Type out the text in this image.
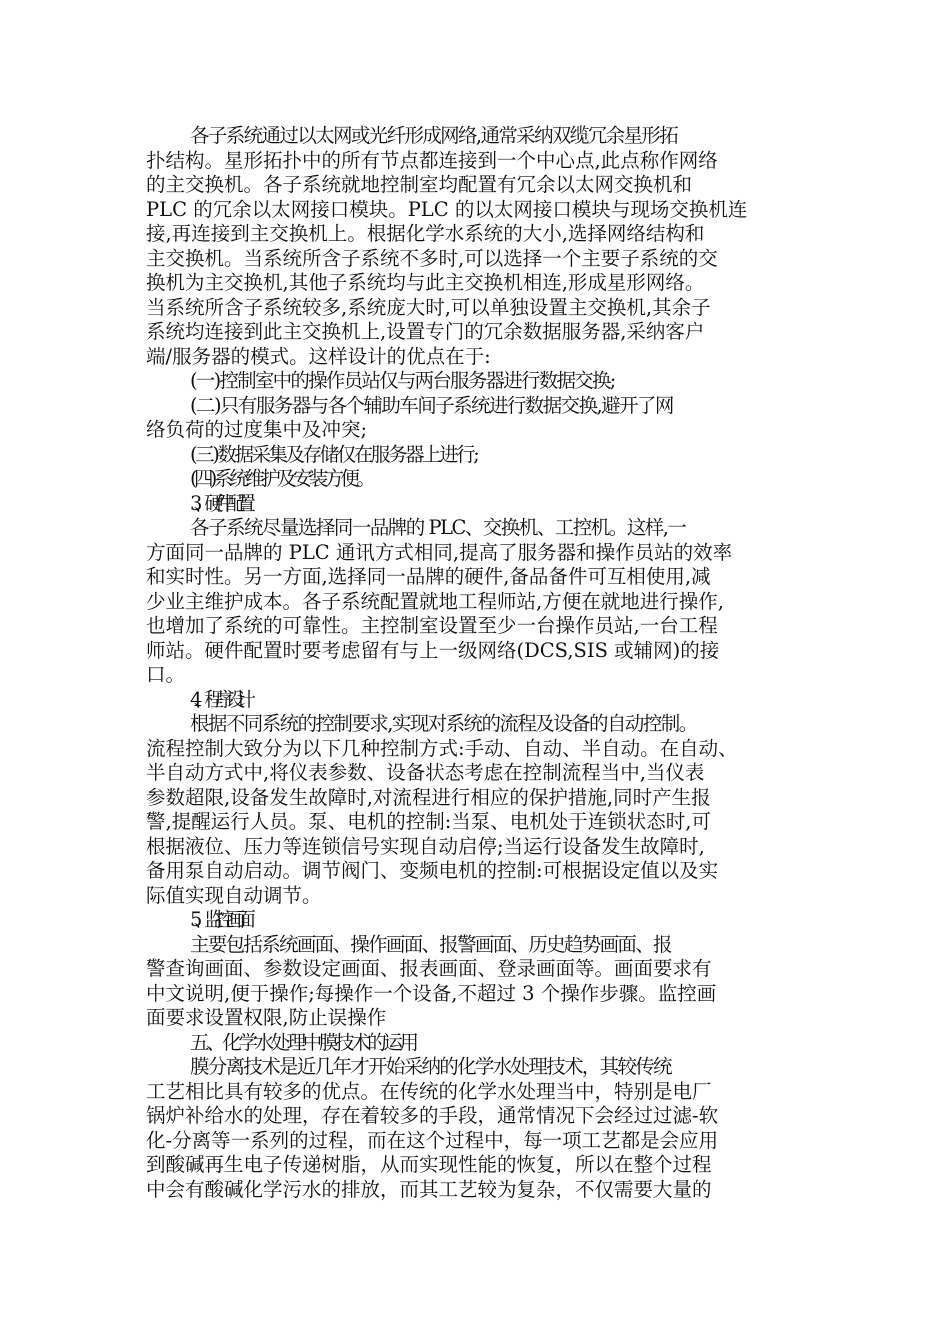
各子系统通过以太网或光纤形成网络,通常采纳双缆冗余星形拓
扑结构。星形拓扑中的所有节点都连接到一个中心点,此点称作网络
的主交换机。各子系统就地控制室均配置有冗余以太网交换机和
PLC 的冗余以太网接口模块。PLC 的以太网接口模块与现场交换机连
接,再连接到主交换机上。根据化学水系统的大小,选择网络结构和
主交换机。当系统所含子系统不多时,可以选择一个主要子系统的交
换机为主交换机,其他子系统均与此主交换机相连,形成星形网络。
当系统所含子系统较多,系统庞大时,可以单独设置主交换机,其余子
系统均连接到此主交换机上,设置专门的冗余数据服务器,采纳客户
端/服务器的模式。这样设计的优点在于:
(一)控制室中的操作员站仅与两台服务器进行数据交换;
(二)只有服务器与各个辅助车间子系统进行数据交换,避开了网
络负荷的过度集中及冲突;
(三)数据采集及存储仅在服务器上进行;
(四)系统维护及安装方便。
3、硬件配置
各子系统尽量选择同一品牌的 PLC、交换机、工控机。这样,一
方面同一品牌的 PLC 通讯方式相同,提高了服务器和操作员站的效率
和实时性。另一方面,选择同一品牌的硬件,备品备件可互相使用,减
少业主维护成本。各子系统配置就地工程师站,方便在就地进行操作,
也增加了系统的可靠性。主控制室设置至少一台操作员站,一台工程
师站。硬件配置时要考虑留有与上一级网络(DCS,SIS 或辅网)的接
口。
4、程序设计
根据不同系统的控制要求,实现对系统的流程及设备的自动控制。
流程控制大致分为以下几种控制方式:手动、自动、半自动。在自动、
半自动方式中,将仪表参数、设备状态考虑在控制流程当中,当仪表
参数超限,设备发生故障时,对流程进行相应的保护措施,同时产生报
警,提醒运行人员。泵、电机的控制:当泵、电机处于连锁状态时,可
根据液位、压力等连锁信号实现自动启停;当运行设备发生故障时,
备用泵自动启动。调节阀门、变频电机的控制:可根据设定值以及实
际值实现自动调节。
5、监控画面
主要包括系统画面、操作画面、报警画面、历史趋势画面、报
警查询画面、参数设定画面、报表画面、登录画面等。画面要求有
中文说明,便于操作;每操作一个设备,不超过 3 个操作步骤。监控画
面要求设置权限,防止误操作
五、化学水处理中膜技术的运用
膜分离技术是近几年才开始采纳的化学水处理技术，其较传统
工艺相比具有较多的优点。在传统的化学水处理当中，特别是电厂
锅炉补给水的处理，存在着较多的手段，通常情况下会经过过滤-软
化-分离等一系列的过程，而在这个过程中，每一项工艺都是会应用
到酸碱再生电子传递树脂，从而实现性能的恢复，所以在整个过程
中会有酸碱化学污水的排放，而其工艺较为复杂，不仅需要大量的
